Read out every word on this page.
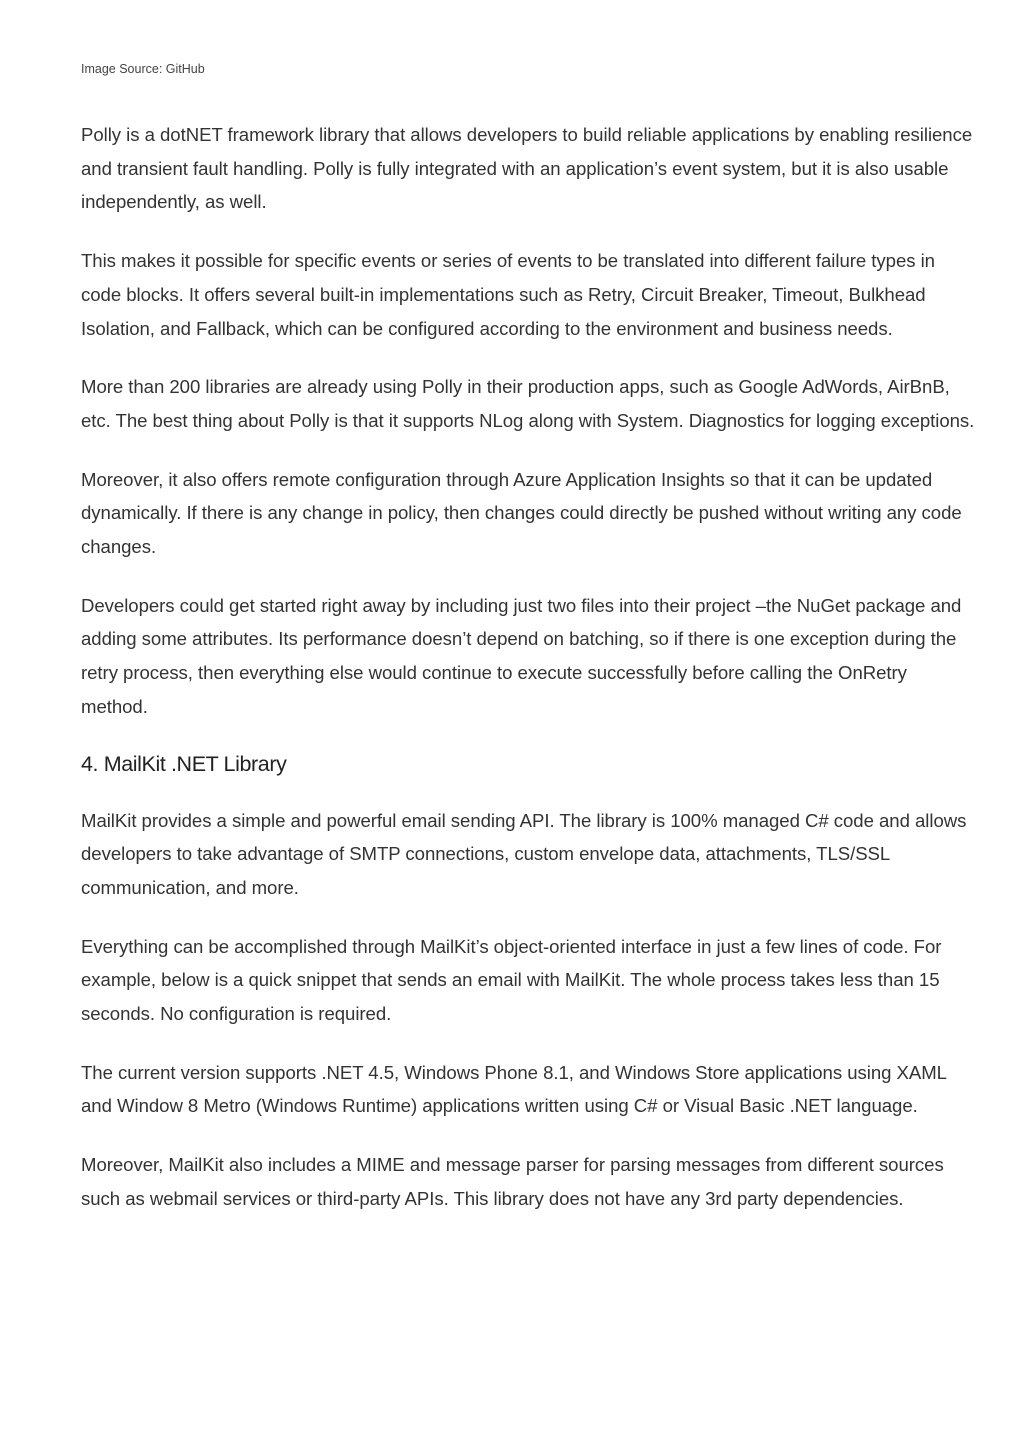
Image Source: GitHub

Polly is a dotNET framework library that allows developers to build reliable applications by enabling resilience and transient fault handling. Polly is fully integrated with an application’s event system, but it is also usable independently, as well.

This makes it possible for specific events or series of events to be translated into different failure types in code blocks. It offers several built-in implementations such as Retry, Circuit Breaker, Timeout, Bulkhead Isolation, and Fallback, which can be configured according to the environment and business needs.

More than 200 libraries are already using Polly in their production apps, such as Google AdWords, AirBnB, etc. The best thing about Polly is that it supports NLog along with System. Diagnostics for logging exceptions.

Moreover, it also offers remote configuration through Azure Application Insights so that it can be updated dynamically. If there is any change in policy, then changes could directly be pushed without writing any code changes.

Developers could get started right away by including just two files into their project –the NuGet package and adding some attributes. Its performance doesn’t depend on batching, so if there is one exception during the retry process, then everything else would continue to execute successfully before calling the OnRetry method.

4. MailKit .NET Library

MailKit provides a simple and powerful email sending API. The library is 100% managed C# code and allows developers to take advantage of SMTP connections, custom envelope data, attachments, TLS/SSL communication, and more.

Everything can be accomplished through MailKit’s object-oriented interface in just a few lines of code. For example, below is a quick snippet that sends an email with MailKit. The whole process takes less than 15 seconds. No configuration is required.

The current version supports .NET 4.5, Windows Phone 8.1, and Windows Store applications using XAML and Window 8 Metro (Windows Runtime) applications written using C# or Visual Basic .NET language.

Moreover, MailKit also includes a MIME and message parser for parsing messages from different sources such as webmail services or third-party APIs. This library does not have any 3rd party dependencies.
